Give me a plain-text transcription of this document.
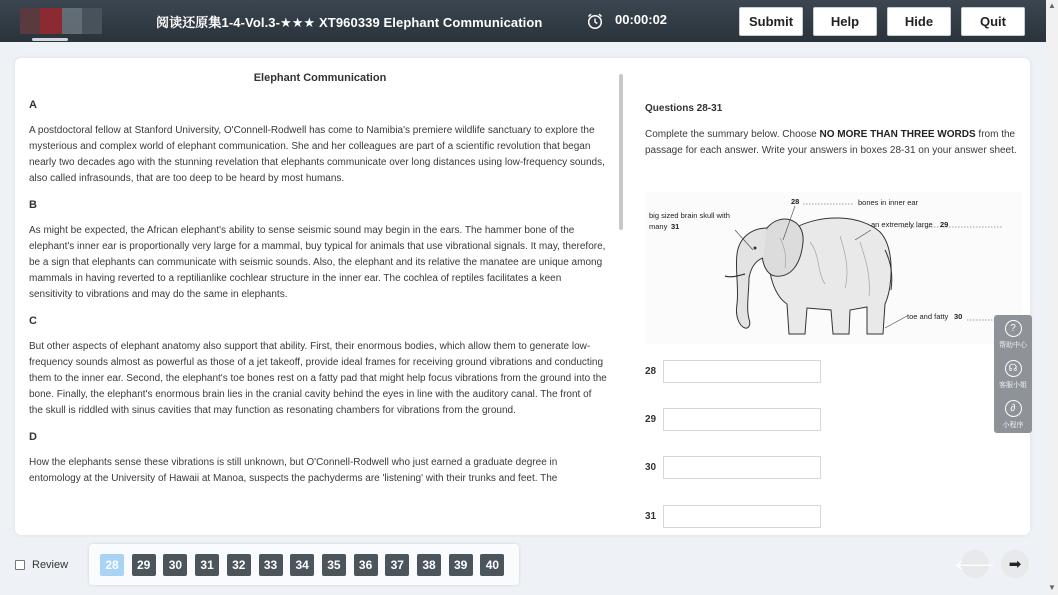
阅读还原集1-4-Vol.3-★★★ XT960339 Elephant Communication	00:00:02	Submit	Help	Hide	Quit
▲
▼
Elephant Communication
A

A postdoctoral fellow at Stanford University, O'Connell-Rodwell has come to Namibia's premiere wildlife sanctuary to explore the mysterious and complex world of elephant communication. She and her colleagues are part of a scientific revolution that began nearly two decades ago with the stunning revelation that elephants communicate over long distances using low-frequency sounds, also called infrasounds, that are too deep to be heard by most humans.

B

As might be expected, the African elephant's ability to sense seismic sound may begin in the ears. The hammer bone of the elephant's inner ear is proportionally very large for a mammal, buy typical for animals that use vibrational signals. It may, therefore, be a sign that elephants can communicate with seismic sounds. Also, the elephant and its relative the manatee are unique among mammals in having reverted to a reptilianlike cochlear structure in the inner ear. The cochlea of reptiles facilitates a keen sensitivity to vibrations and may do the same in elephants.

C

But other aspects of elephant anatomy also support that ability. First, their enormous bodies, which allow them to generate low-frequency sounds almost as powerful as those of a jet takeoff, provide ideal frames for receiving ground vibrations and conducting them to the inner ear. Second, the elephant's toe bones rest on a fatty pad that might help focus vibrations from the ground into the bone. Finally, the elephant's enormous brain lies in the cranial cavity behind the eyes in line with the auditory canal. The front of the skull is riddled with sinus cavities that may function as resonating chambers for vibrations from the ground.

D

How the elephants sense these vibrations is still unknown, but O'Connell-Rodwell who just earned a graduate degree in entomology at the University of Hawaii at Manoa, suspects the pachyderms are 'listening' with their trunks and feet. The

Questions 28-31

Complete the summary below. Choose NO MORE THAN THREE WORDS from the passage for each answer. Write your answers in boxes 28-31 on your answer sheet.

28	bones in inner ear
big sized brain skull with
many 31	an extremely large 29
toe and fatty 30
28
29
30
31
?
帮助中心
☊
客服小姐
∂
小程序
Review	28	29	30	31	32	33	34	35	36	37	38	39	40	🡐 ➡
